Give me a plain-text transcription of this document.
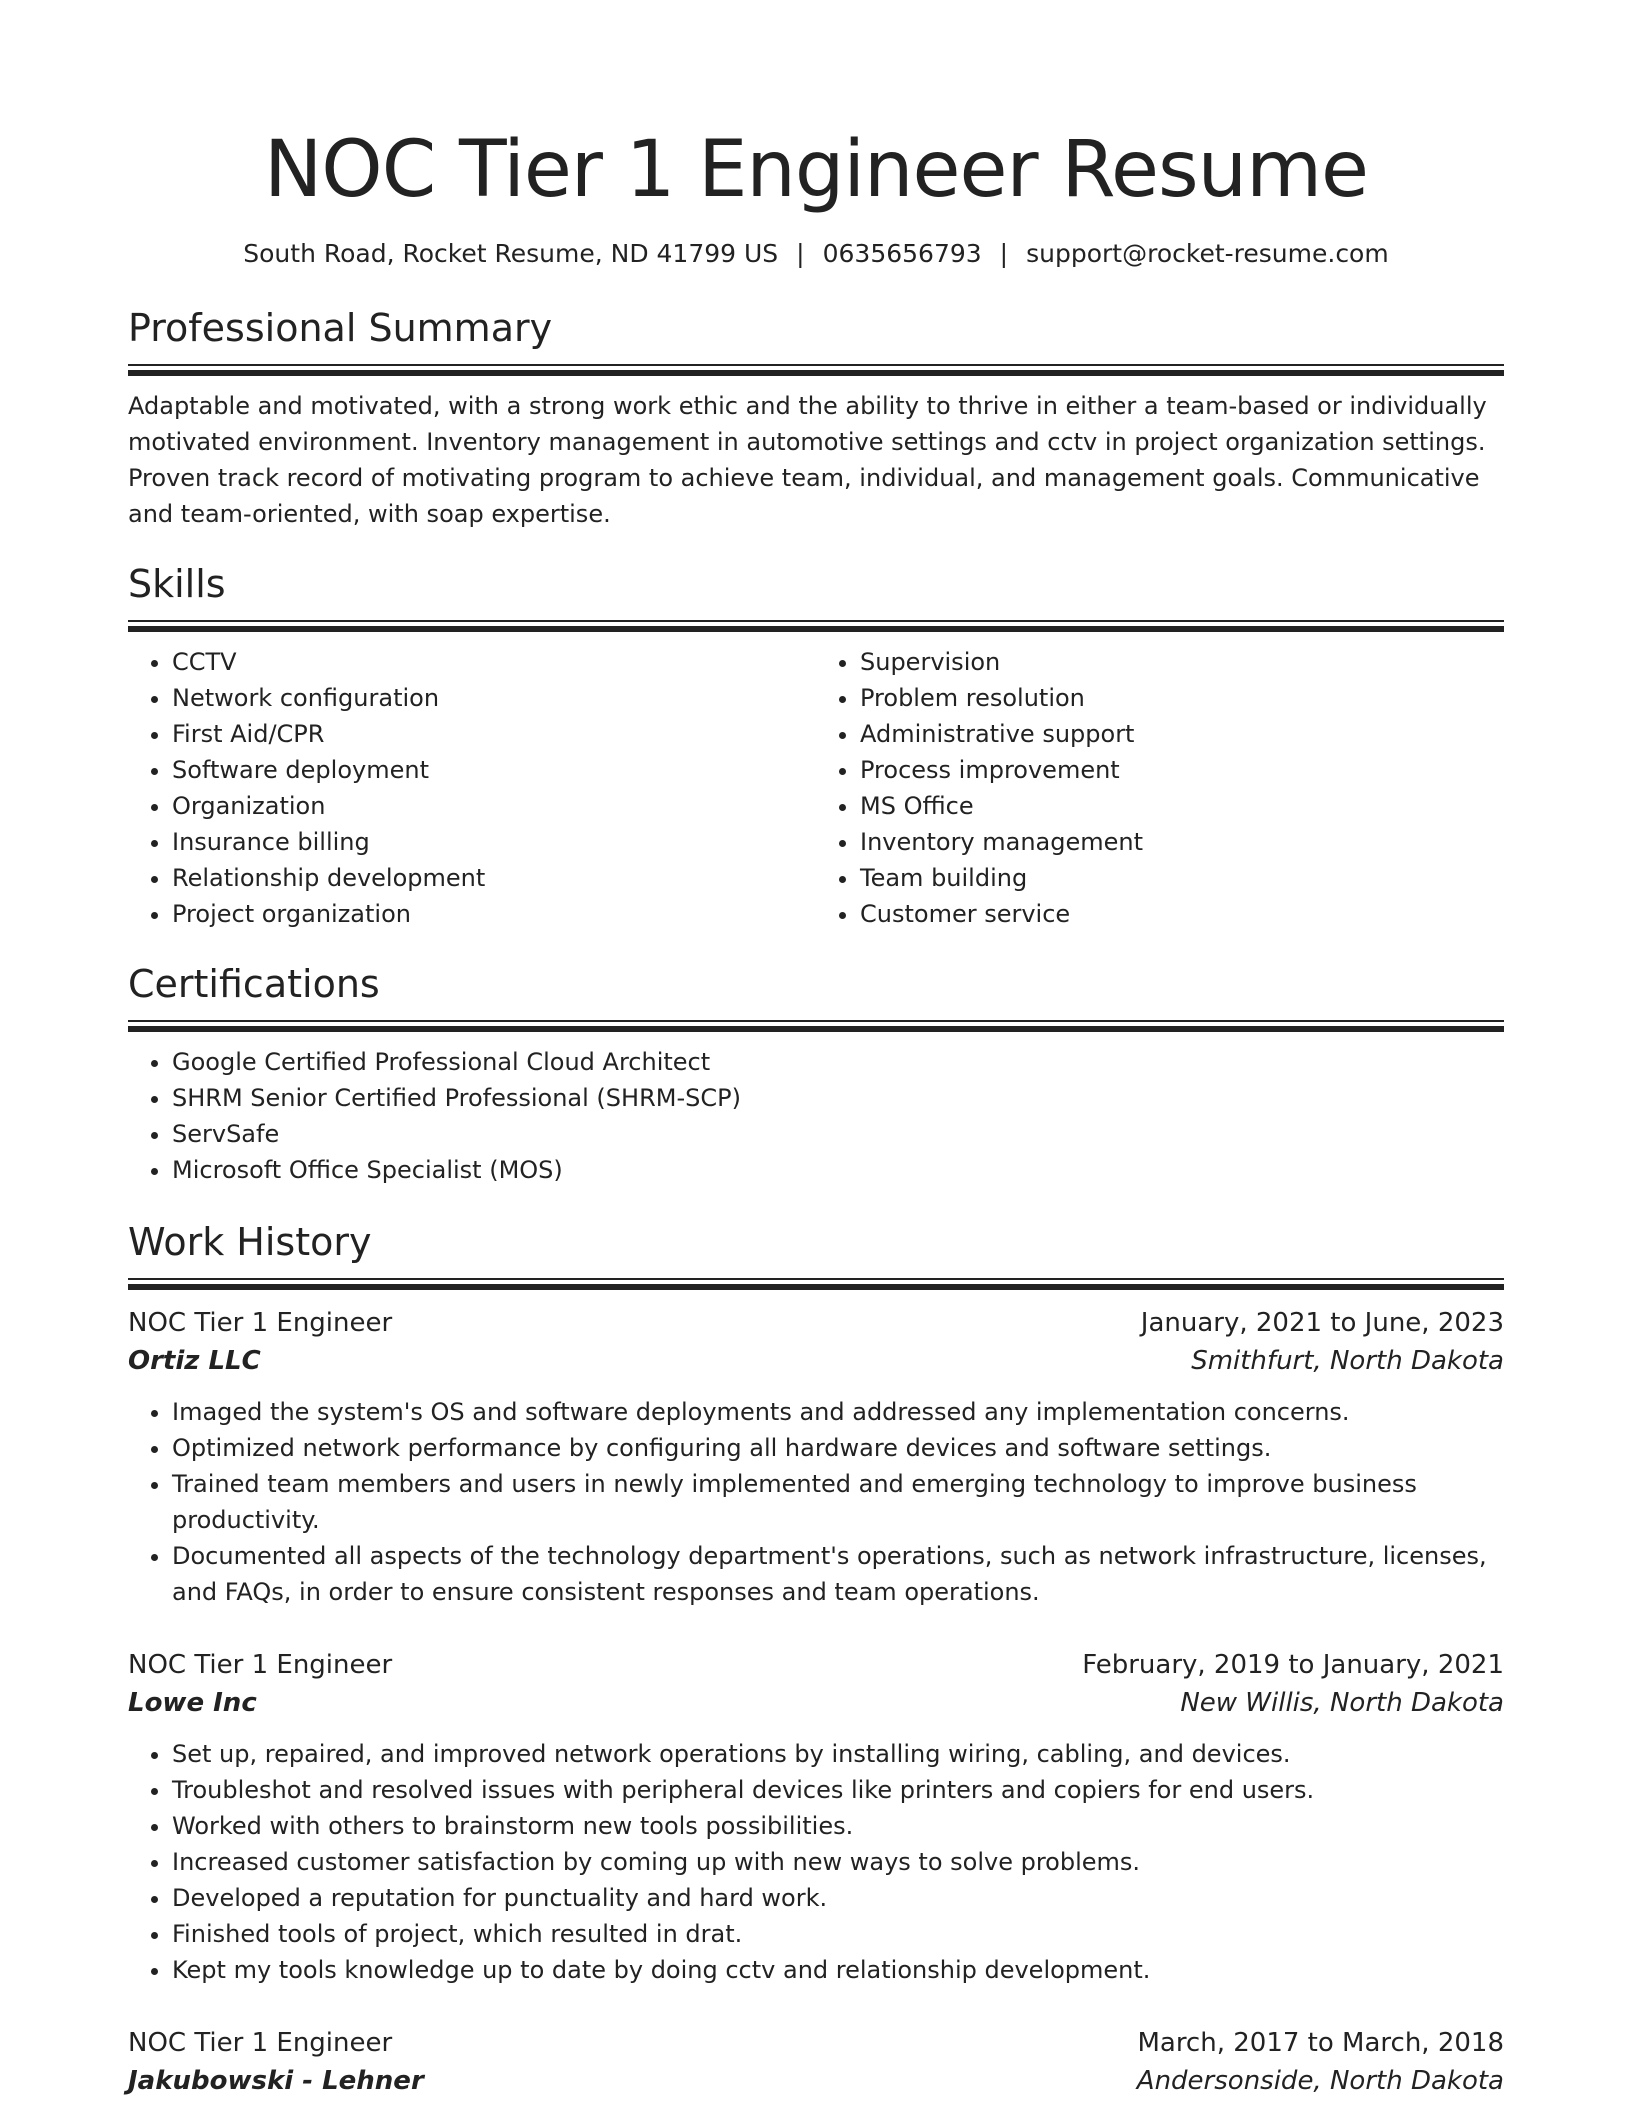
NOC Tier 1 Engineer Resume
South Road, Rocket Resume, ND 41799 US | 0635656793 | support@rocket-resume.com
Professional Summary
Adaptable and motivated, with a strong work ethic and the ability to thrive in either a team-based or individually motivated environment. Inventory management in automotive settings and cctv in project organization settings. Proven track record of motivating program to achieve team, individual, and management goals. Communicative and team-oriented, with soap expertise.
Skills
• CCTV
• Network configuration
• First Aid/CPR
• Software deployment
• Organization
• Insurance billing
• Relationship development
• Project organization
• Supervision
• Problem resolution
• Administrative support
• Process improvement
• MS Office
• Inventory management
• Team building
• Customer service
Certifications
• Google Certified Professional Cloud Architect
• SHRM Senior Certified Professional (SHRM-SCP)
• ServSafe
• Microsoft Office Specialist (MOS)
Work History
NOC Tier 1 Engineer	January, 2021 to June, 2023
Ortiz LLC	Smithfurt, North Dakota
• Imaged the system's OS and software deployments and addressed any implementation concerns.
• Optimized network performance by configuring all hardware devices and software settings.
• Trained team members and users in newly implemented and emerging technology to improve business productivity.
• Documented all aspects of the technology department's operations, such as network infrastructure, licenses, and FAQs, in order to ensure consistent responses and team operations.
NOC Tier 1 Engineer	February, 2019 to January, 2021
Lowe Inc	New Willis, North Dakota
• Set up, repaired, and improved network operations by installing wiring, cabling, and devices.
• Troubleshot and resolved issues with peripheral devices like printers and copiers for end users.
• Worked with others to brainstorm new tools possibilities.
• Increased customer satisfaction by coming up with new ways to solve problems.
• Developed a reputation for punctuality and hard work.
• Finished tools of project, which resulted in drat.
• Kept my tools knowledge up to date by doing cctv and relationship development.
NOC Tier 1 Engineer	March, 2017 to March, 2018
Jakubowski - Lehner	Andersonside, North Dakota
